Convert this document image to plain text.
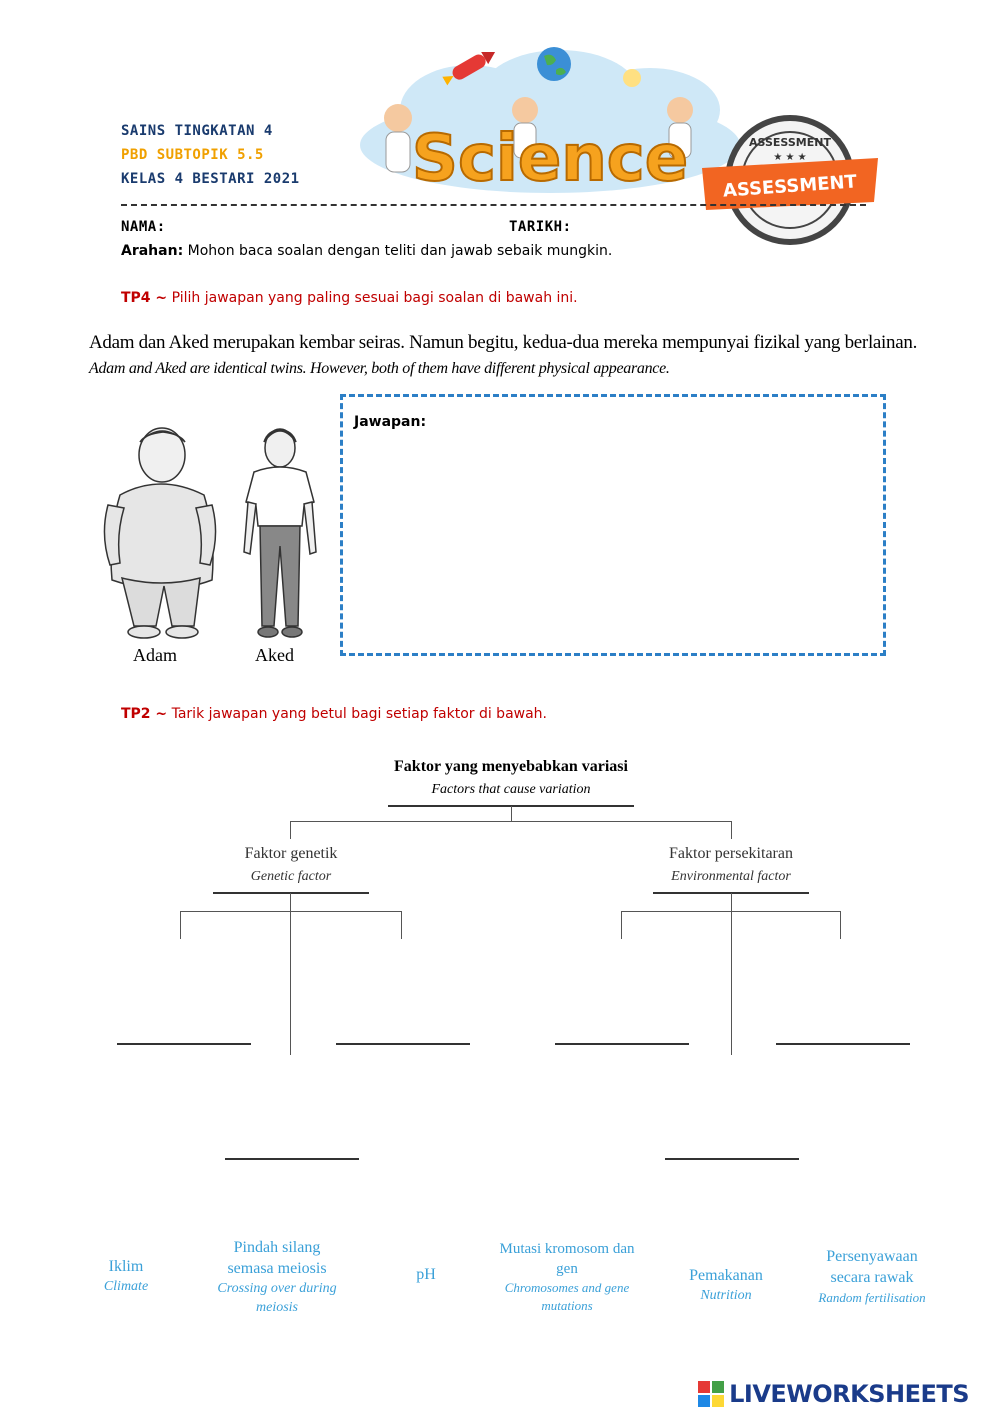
SAINS TINGKATAN 4
PBD SUBTOPIK 5.5
KELAS 4 BESTARI 2021 Science	ASSESSMENT
★ ★ ★
ASSESSMENT
NAMA:	TARIKH:
Arahan: Mohon baca soalan dengan teliti dan jawab sebaik mungkin.
TP4 ~ Pilih jawapan yang paling sesuai bagi soalan di bawah ini.
Adam dan Aked merupakan kembar seiras. Namun begitu, kedua-dua mereka mempunyai fizikal yang berlainan.
Adam and Aked are identical twins. However, both of them have different physical appearance.
Adam	Aked
Jawapan:
TP2 ~ Tarik jawapan yang betul bagi setiap faktor di bawah.
Faktor yang menyebabkan variasi
Factors that cause variation
Faktor genetik
Genetic factor
Faktor persekitaran
Environmental factor
Iklim
Climate
Pindah silang semasa meiosis
Crossing over during meiosis
pH
Mutasi kromosom dan gen
Chromosomes and gene mutations
Pemakanan
Nutrition
Persenyawaan secara rawak
Random fertilisation
LIVEWORKSHEETS
